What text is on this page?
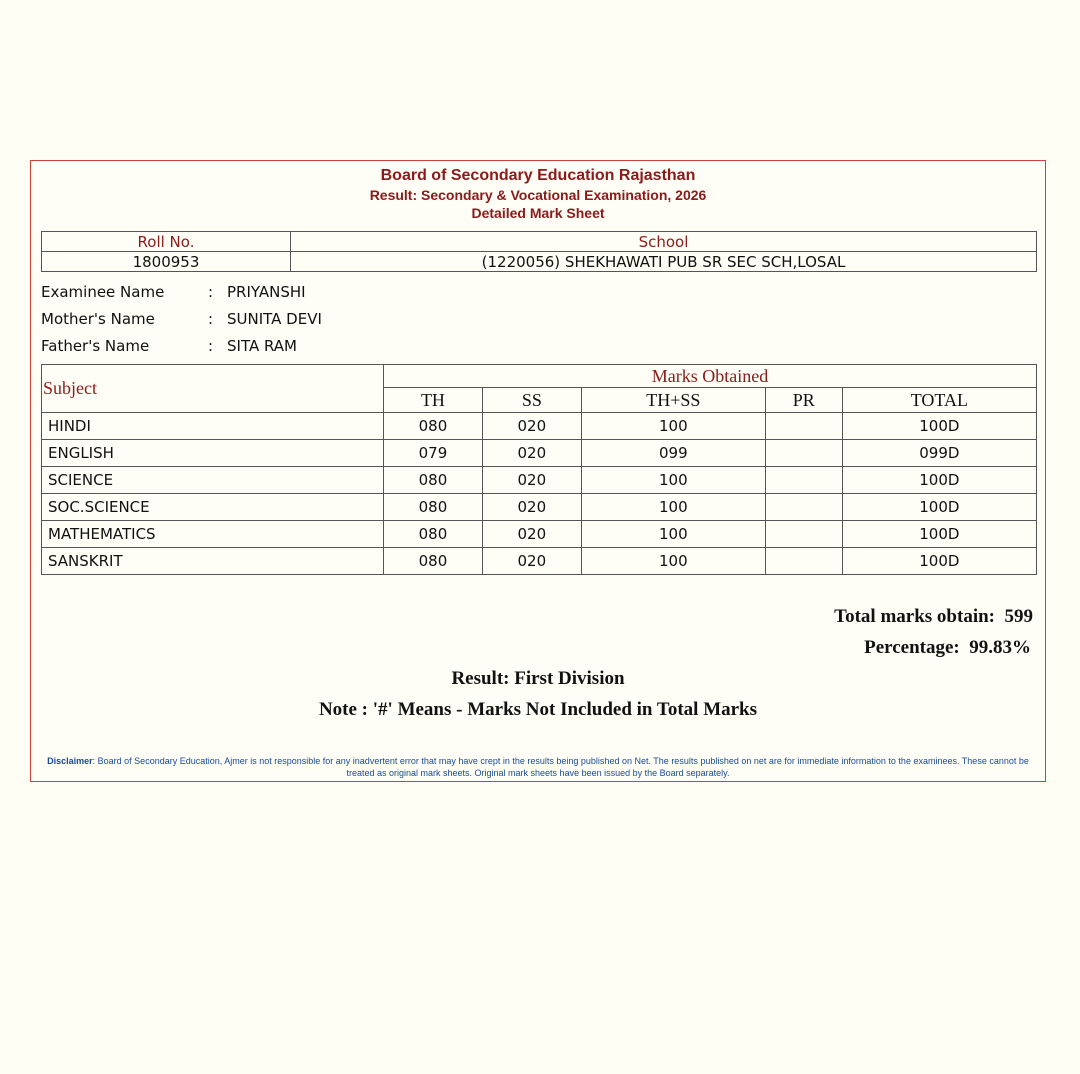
Board of Secondary Education Rajasthan
Result: Secondary & Vocational Examination, 2026
Detailed Mark Sheet
Roll No.	School
1800953	(1220056) SHEKHAWATI PUB SR SEC SCH,LOSAL
Examinee Name	: PRIYANSHI
Mother's Name	: SUNITA DEVI
Father's Name	: SITA RAM
Subject	Marks Obtained				
	TH	SS	TH+SS	PR	TOTAL
HINDI	080	020	100		100D
ENGLISH	079	020	099		099D
SCIENCE	080	020	100		100D
SOC.SCIENCE	080	020	100		100D
MATHEMATICS	080	020	100		100D
SANSKRIT	080	020	100		100D
Total marks obtain: 599
Percentage: 99.83%
Result: First Division
Note : '#' Means - Marks Not Included in Total Marks
Disclaimer: Board of Secondary Education, Ajmer is not responsible for any inadvertent error that may have crept in the results being published on Net. The results published on net are for immediate information to the examinees. These cannot be treated as original mark sheets. Original mark sheets have been issued by the Board separately.
